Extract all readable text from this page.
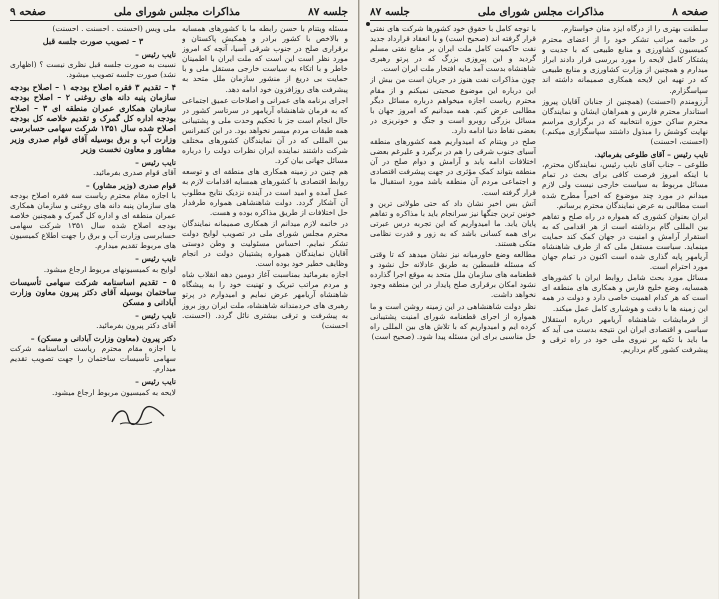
جلسه ۸۷
مذاکرات مجلس شورای ملی
صفحه ۹

مسئله ویتنام با حسن رابطه ما با کشورهای همسایه و بالاخص با کشور برادر و همکیش پاکستان و برقراری صلح در جنوب شرقی آسیا، آنچه که امروز مورد نظر است این است که ملت ایران با اطمینان خاطر و با اتکاء به سیاست خارجی مستقل ملی و با حمایت بی دریغ از منشور سازمان ملل متحد به پیشرفت های روزافزون خود ادامه دهد.

اجرای برنامه های عمرانی و اصلاحات عمیق اجتماعی که به فرمان شاهنشاه آریامهر در سرتاسر کشور در حال انجام است جز با تحکیم وحدت ملی و پشتیبانی همه طبقات مردم میسر نخواهد بود. در این کنفرانس بین المللی که در آن نمایندگان کشورهای مختلف شرکت داشتند نماینده ایران نظرات دولت را درباره مسائل جهانی بیان کرد.

هم چنین در زمینه همکاری های منطقه ای و توسعه روابط اقتصادی با کشورهای همسایه اقدامات لازم به عمل آمده و امید است در آینده نزدیک نتایج مطلوب آن آشکار گردد. دولت شاهنشاهی همواره طرفدار حل اختلافات از طریق مذاکره بوده و هست.

در خاتمه لازم میدانم از همکاری صمیمانه نمایندگان محترم مجلس شورای ملی در تصویب لوایح دولت تشکر نمایم. احساس مسئولیت و وطن دوستی آقایان نمایندگان همواره پشتیبان دولت در انجام وظایف خطیر خود بوده است.

اجازه بفرمائید بمناسبت آغاز دومین دهه انقلاب شاه و مردم مراتب تبریک و تهنیت خود را به پیشگاه شاهنشاه آریامهر عرض نمایم و امیدوارم در پرتو رهبری های خردمندانه شاهنشاه، ملت ایران روز بروز به پیشرفت و ترقی بیشتری نائل گردد. (احسنت. احسنت)

ملی ویس (احسنت . احسنت . احسنت)

۳ – تصویب صورت جلسه قبل
نایب رئیس –

نسبت به صورت جلسه قبل نظری نیست ؟ (اظهاری نشد) صورت جلسه تصویب میشود.

۴ – تقدیم ۳ فقره اصلاح بودجه ۱ – اصلاح بودجه سازمان پنبه دانه های روغنی ۲ – اصلاح بودجه سازمان همکاری عمران منطقه ای ۳ – اصلاح بودجه اداره کل گمرک و تقدیم خلاصه کل بودجه اصلاح شده سال ۱۳۵۱ شرکت سهامی حسابرسی وزارت آب و برق بوسیله آقای قوام صدری وزیر مشاور و معاون نخست وزیر
نایب رئیس –

آقای قوام صدری بفرمائید.

قوام صدری (وزیر مشاور) –

با اجازه مقام محترم ریاست سه فقره اصلاح بودجه های سازمان پنبه دانه های روغنی و سازمان همکاری عمران منطقه ای و اداره کل گمرک و همچنین خلاصه بودجه اصلاح شده سال ۱۳۵۱ شرکت سهامی حسابرسی وزارت آب و برق را جهت اطلاع کمیسیون های مربوط تقدیم میدارم.

نایب رئیس –

لوایح به کمیسیونهای مربوط ارجاع میشود.

۵ – تقدیم اساسنامه شرکت سهامی تأسیسات ساختمان بوسیله آقای دکتر پیرون معاون وزارت آبادانی و مسکن
نایب رئیس –

آقای دکتر پیرون بفرمائید.

دکتر پیرون (معاون وزارت آبادانی و مسکن) –

با اجازه مقام محترم ریاست اساسنامه شرکت سهامی تأسیسات ساختمان را جهت تصویب تقدیم میدارم.

نایب رئیس –

لایحه به کمیسیون مربوط ارجاع میشود.

صفحه ۸
مذاکرات مجلس شورای ملی
جلسه ۸۷

سلطنت بهتری را از درگاه ایزد منان خواستارم.

در خاتمه مراتب تشکر خود را از اعضای محترم کمیسیون کشاورزی و منابع طبیعی که با جدیت و پشتکار کامل لایحه را مورد بررسی قرار دادند ابراز میدارم و همچنین از وزارت کشاورزی و منابع طبیعی که در تهیه این لایحه همکاری صمیمانه داشته اند سپاسگزارم.

آرزومندم (احسنت) (همچنین از جنابان آقایان پیروز استاندار محترم فارس و همراهان ایشان و نمایندگان محترم ساکن حوزه انتخابیه که در برگزاری مراسم نهایت کوشش را مبذول داشتند سپاسگزاری میکنم.) (احسنت، احسنت)

نایب رئیس – آقای طلوعی بفرمائید.

طلوعی – جناب آقای نایب رئیس، نمایندگان محترم، با اینکه امروز فرصت کافی برای بحث در تمام مسائل مربوط به سیاست خارجی نیست ولی لازم میدانم در مورد چند موضوع که اخیراً مطرح شده است مطالبی به عرض نمایندگان محترم برسانم.

ایران بعنوان کشوری که همواره در راه صلح و تفاهم بین المللی گام برداشته است از هر اقدامی که به استقرار آرامش و امنیت در جهان کمک کند حمایت مینماید. سیاست مستقل ملی که از طرف شاهنشاه آریامهر پایه گذاری شده است اکنون در تمام جهان مورد احترام است.

مسائل مورد بحث شامل روابط ایران با کشورهای همسایه، وضع خلیج فارس و همکاری های منطقه ای است که هر کدام اهمیت خاصی دارد و دولت در همه این زمینه ها با دقت و هوشیاری کامل عمل میکند.

از فرمایشات شاهنشاه آریامهر درباره استقلال سیاسی و اقتصادی ایران این نتیجه بدست می آید که ما باید با تکیه بر نیروی ملی خود در راه ترقی و پیشرفت کشور گام برداریم.

با توجه کامل با حقوق خود کشورها شرکت های نفتی قرار گرفته اند (صحیح است) و با انعقاد قرارداد جدید نفت حاکمیت کامل ملت ایران بر منابع نفتی مسلم گردید و این پیروزی بزرگ که در پرتو رهبری شاهنشاه بدست آمد مایه افتخار ملت ایران است.

چون مذاکرات نفت هنوز در جریان است من بیش از این درباره این موضوع صحبتی نمیکنم و از مقام محترم ریاست اجازه میخواهم درباره مسائل دیگر مطالبی عرض کنم. همه میدانیم که امروز جهان با مسائل بزرگی روبرو است و جنگ و خونریزی در بعضی نقاط دنیا ادامه دارد.

صلح در ویتنام که امیدواریم همه کشورهای منطقه آسیای جنوب شرقی را هم در برگیرد و علیرغم بعضی اختلافات ادامه یابد و آرامش و دوام صلح در آن منطقه بتواند کمک مؤثری در جهت پیشرفت اقتصادی و اجتماعی مردم آن منطقه باشد مورد استقبال ما قرار گرفته است.

آتش بس اخیر نشان داد که حتی طولانی ترین و خونین ترین جنگها نیز سرانجام باید با مذاکره و تفاهم پایان یابد. ما امیدواریم که این تجربه درس عبرتی برای همه کسانی باشد که به زور و قدرت نظامی متکی هستند.

مطالعه وضع خاورمیانه نیز نشان میدهد که تا وقتی که مسئله فلسطین به طریق عادلانه حل نشود و قطعنامه های سازمان ملل متحد به موقع اجرا گذارده نشود امکان برقراری صلح پایدار در این منطقه وجود نخواهد داشت.

نظر دولت شاهنشاهی در این زمینه روشن است و ما همواره از اجرای قطعنامه شورای امنیت پشتیبانی کرده ایم و امیدواریم که با تلاش های بین المللی راه حل مناسبی برای این مسئله پیدا شود. (صحیح است)
